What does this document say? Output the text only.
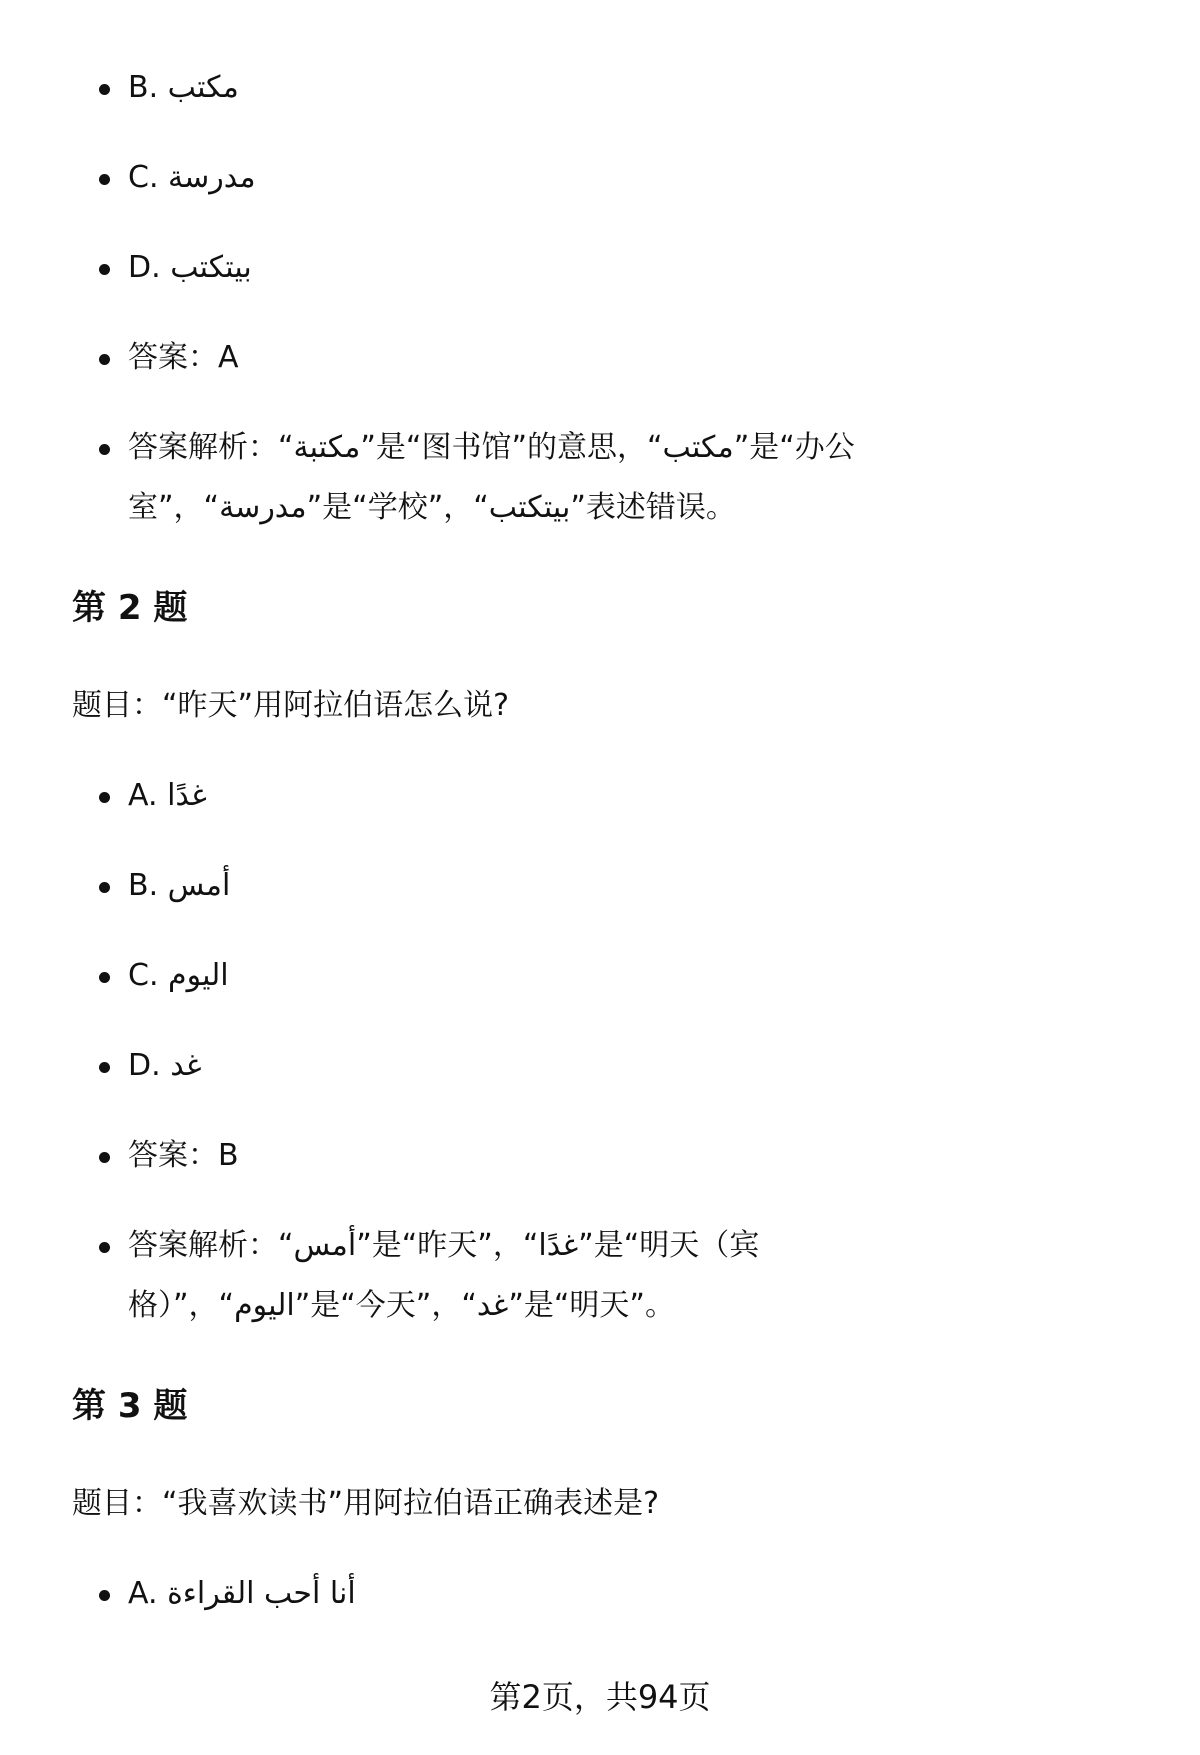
B. مكتب
C. مدرسة
D. بيتكتب
答案：A
答案解析：“مكتبة”是“图书馆”的意思，“مكتب”是“办公
室”，“مدرسة”是“学校”，“بيتكتب”表述错误。
第 2 题

题目：“昨天”用阿拉伯语怎么说?

A. غدًا
B. أمس
C. اليوم
D. غد
答案：B
答案解析：“أمس”是“昨天”，“غدًا”是“明天（宾
格）”，“اليوم”是“今天”，“غد”是“明天”。
第 3 题

题目：“我喜欢读书”用阿拉伯语正确表述是?

A. أنا أحب القراءة
第2页，共94页
